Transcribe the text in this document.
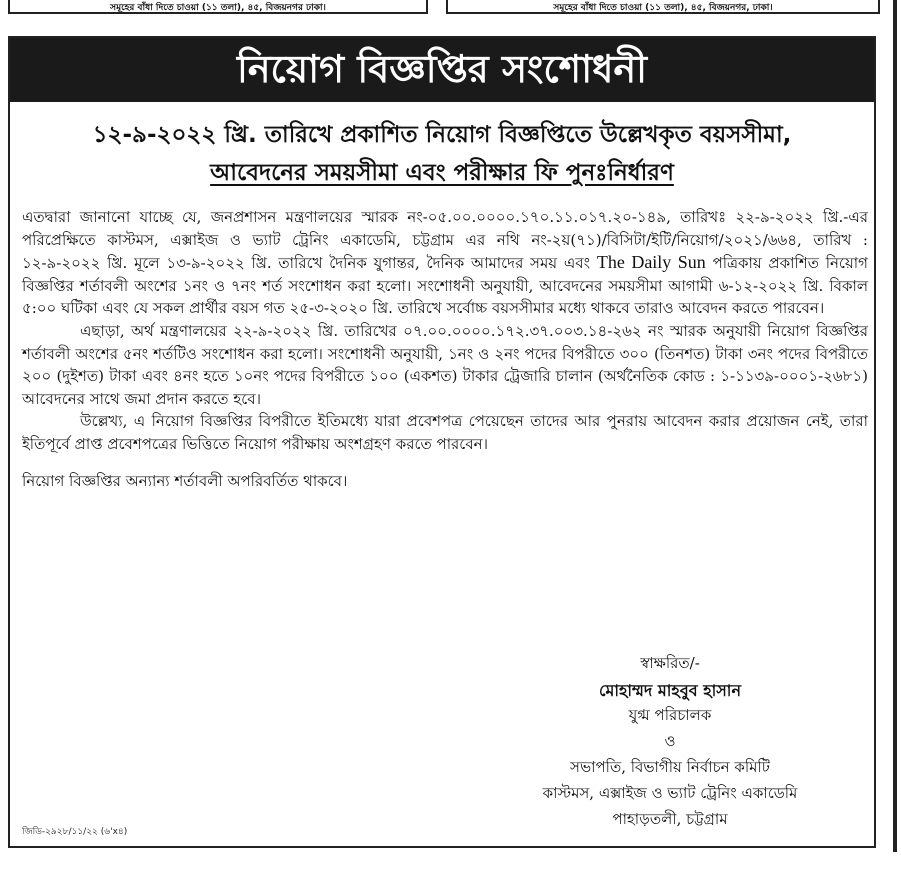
সমূহের বাঁধা দিতে চাওয়া (১১ তলা), ৪৫, বিজয়নগর ঢাকা।	সমূহের বাঁধা দিতে চাওয়া (১১ তলা), ৪৫, বিজয়নগর, ঢাকা।
নিয়োগ বিজ্ঞপ্তির সংশোধনী
১২-৯-২০২২ খ্রি. তারিখে প্রকাশিত নিয়োগ বিজ্ঞপ্তিতে উল্লেখকৃত বয়সসীমা,
আবেদনের সময়সীমা এবং পরীক্ষার ফি পুনঃনির্ধারণ

এতদ্বারা জানানো যাচ্ছে যে, জনপ্রশাসন মন্ত্রণালয়ের স্মারক নং-০৫.০০.০০০০.১৭০.১১.০১৭.২০-১৪৯, তারিখঃ ২২-৯-২০২২ খ্রি.-এর পরিপ্রেক্ষিতে কাস্টমস, এক্সাইজ ও ভ্যাট ট্রেনিং একাডেমি, চট্টগ্রাম এর নথি নং-২য়(৭১)/বিসিটা/ইটি/নিয়োগ/২০২১/৬৬৪, তারিখ : ১২-৯-২০২২ খ্রি. মূলে ১৩-৯-২০২২ খ্রি. তারিখে দৈনিক যুগান্তর, দৈনিক আমাদের সময় এবং The Daily Sun পত্রিকায় প্রকাশিত নিয়োগ বিজ্ঞপ্তির শর্তাবলী অংশের ১নং ও ৭নং শর্ত সংশোধন করা হলো। সংশোধনী অনুযায়ী, আবেদনের সময়সীমা আগামী ৬-১২-২০২২ খ্রি. বিকাল ৫:০০ ঘটিকা এবং যে সকল প্রার্থীর বয়স গত ২৫-৩-২০২০ খ্রি. তারিখে সর্বোচ্চ বয়সসীমার মধ্যে থাকবে তারাও আবেদন করতে পারবেন।

এছাড়া, অর্থ মন্ত্রণালয়ের ২২-৯-২০২২ খ্রি. তারিখের ০৭.০০.০০০০.১৭২.৩৭.০০৩.১৪-২৬২ নং স্মারক অনুযায়ী নিয়োগ বিজ্ঞপ্তির শর্তাবলী অংশের ৫নং শর্তটিও সংশোধন করা হলো। সংশোধনী অনুযায়ী, ১নং ও ২নং পদের বিপরীতে ৩০০ (তিনশত) টাকা ৩নং পদের বিপরীতে ২০০ (দুইশত) টাকা এবং ৪নং হতে ১০নং পদের বিপরীতে ১০০ (একশত) টাকার ট্রেজারি চালান (অর্থনৈতিক কোড : ১-১১৩৯-০০০১-২৬৮১) আবেদনের সাথে জমা প্রদান করতে হবে।

উল্লেখ্য, এ নিয়োগ বিজ্ঞপ্তির বিপরীতে ইতিমধ্যে যারা প্রবেশপত্র পেয়েছেন তাদের আর পুনরায় আবেদন করার প্রয়োজন নেই, তারা ইতিপূর্বে প্রাপ্ত প্রবেশপত্রের ভিত্তিতে নিয়োগ পরীক্ষায় অংশগ্রহণ করতে পারবেন।

নিয়োগ বিজ্ঞপ্তির অন্যান্য শর্তাবলী অপরিবর্তিত থাকবে।

স্বাক্ষরিত/-
মোহাম্মদ মাহবুব হাসান
যুগ্ম পরিচালক
ও
সভাপতি, বিভাগীয় নির্বাচন কমিটি
কাস্টমস, এক্সাইজ ও ভ্যাট ট্রেনিং একাডেমি
পাহাড়তলী, চট্টগ্রাম
জিডি-২৯২৮/১১/২২ (৬'x৪)
